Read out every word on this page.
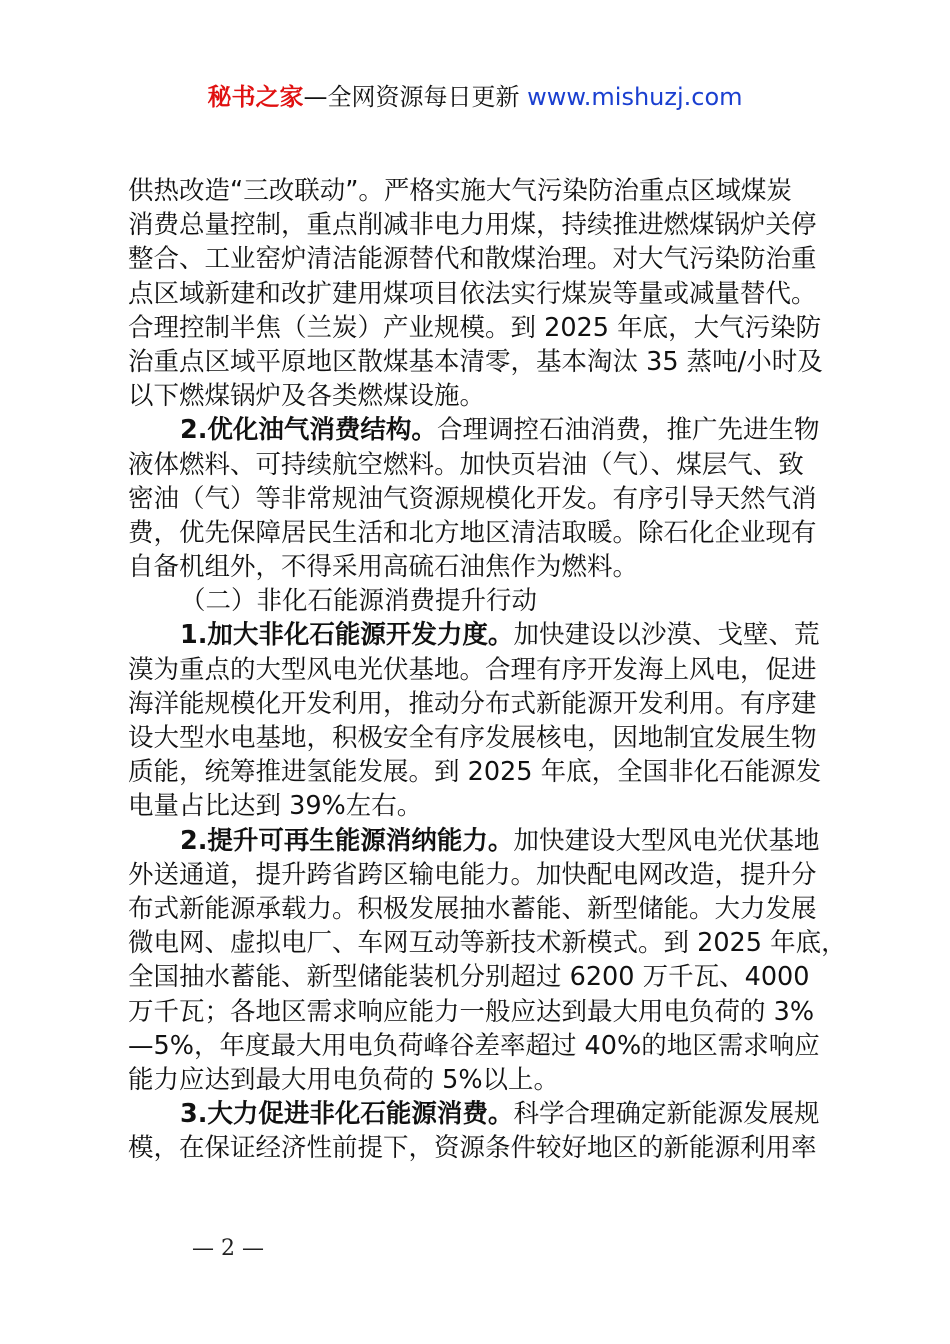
秘书之家—全网资源每日更新 www.mishuzj.com
供热改造“三改联动”。严格实施大气污染防治重点区域煤炭
消费总量控制，重点削减非电力用煤，持续推进燃煤锅炉关停
整合、工业窑炉清洁能源替代和散煤治理。对大气污染防治重
点区域新建和改扩建用煤项目依法实行煤炭等量或减量替代。
合理控制半焦（兰炭）产业规模。到 2025 年底，大气污染防
治重点区域平原地区散煤基本清零，基本淘汰 35 蒸吨/小时及
以下燃煤锅炉及各类燃煤设施。
2.优化油气消费结构。合理调控石油消费，推广先进生物
液体燃料、可持续航空燃料。加快页岩油（气）、煤层气、致
密油（气）等非常规油气资源规模化开发。有序引导天然气消
费，优先保障居民生活和北方地区清洁取暖。除石化企业现有
自备机组外，不得采用高硫石油焦作为燃料。
（二）非化石能源消费提升行动
1.加大非化石能源开发力度。加快建设以沙漠、戈壁、荒
漠为重点的大型风电光伏基地。合理有序开发海上风电，促进
海洋能规模化开发利用，推动分布式新能源开发利用。有序建
设大型水电基地，积极安全有序发展核电，因地制宜发展生物
质能，统筹推进氢能发展。到 2025 年底，全国非化石能源发
电量占比达到 39%左右。
2.提升可再生能源消纳能力。加快建设大型风电光伏基地
外送通道，提升跨省跨区输电能力。加快配电网改造，提升分
布式新能源承载力。积极发展抽水蓄能、新型储能。大力发展
微电网、虚拟电厂、车网互动等新技术新模式。到 2025 年底，
全国抽水蓄能、新型储能装机分别超过 6200 万千瓦、4000
万千瓦；各地区需求响应能力一般应达到最大用电负荷的 3%
—5%，年度最大用电负荷峰谷差率超过 40%的地区需求响应
能力应达到最大用电负荷的 5%以上。
3.大力促进非化石能源消费。科学合理确定新能源发展规
模，在保证经济性前提下，资源条件较好地区的新能源利用率
— 2 —
